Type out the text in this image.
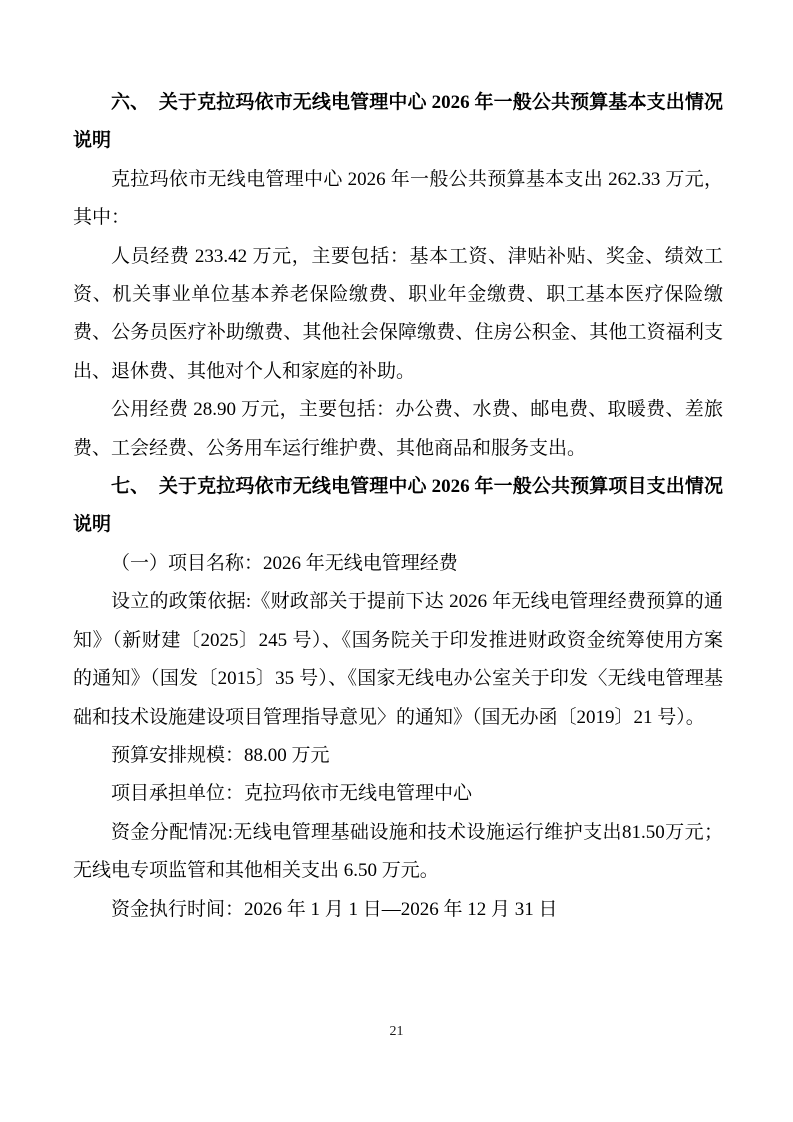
六、　关于克拉玛依市无线电管理中心 2026 年一般公共预算基本支出情况说明

克拉玛依市无线电管理中心 2026 年一般公共预算基本支出 262.33 万元，其中：

人员经费 233.42 万元，主要包括：基本工资、津贴补贴、奖金、绩效工资、机关事业单位基本养老保险缴费、职业年金缴费、职工基本医疗保险缴费、公务员医疗补助缴费、其他社会保障缴费、住房公积金、其他工资福利支出、退休费、其他对个人和家庭的补助。

公用经费 28.90 万元，主要包括：办公费、水费、邮电费、取暖费、差旅费、工会经费、公务用车运行维护费、其他商品和服务支出。

七、　关于克拉玛依市无线电管理中心 2026 年一般公共预算项目支出情况说明

（一）项目名称：2026 年无线电管理经费

设立的政策依据:《财政部关于提前下达 2026 年无线电管理经费预算的通知》（新财建〔2025〕245 号）、《国务院关于印发推进财政资金统筹使用方案的通知》（国发〔2015〕35 号）、《国家无线电办公室关于印发〈无线电管理基础和技术设施建设项目管理指导意见〉的通知》（国无办函〔2019〕21 号）。

预算安排规模：88.00 万元

项目承担单位：克拉玛依市无线电管理中心

资金分配情况:无线电管理基础设施和技术设施运行维护支出81.50万元；无线电专项监管和其他相关支出 6.50 万元。

资金执行时间：2026 年 1 月 1 日—2026 年 12 月 31 日

21
